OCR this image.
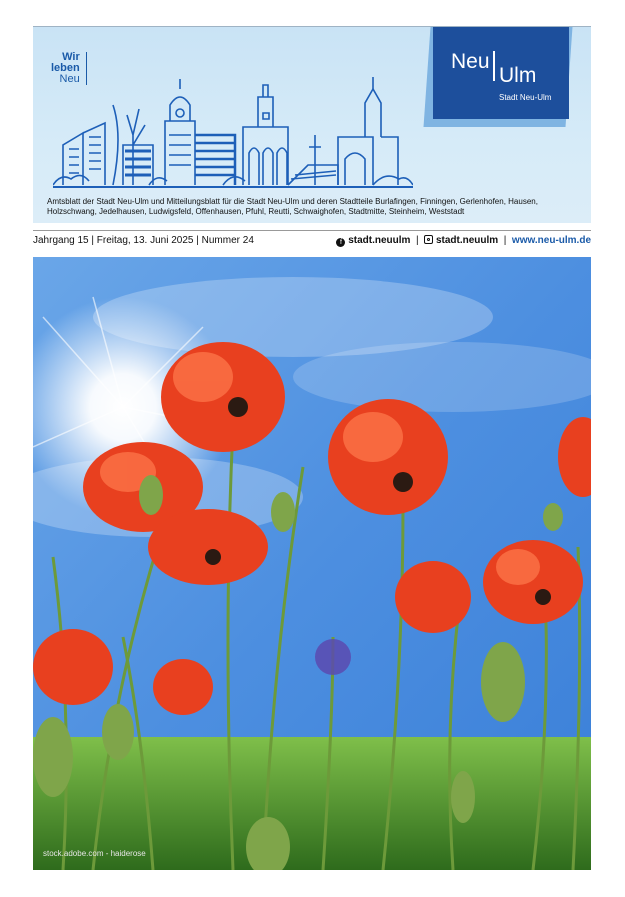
Wir
leben
Neu
Neu
Ulm
Stadt Neu-Ulm
Amtsblatt der Stadt Neu-Ulm und Mitteilungsblatt für die Stadt Neu-Ulm und deren Stadtteile Burlafingen, Finningen, Gerlenhofen, Hausen, Holzschwang, Jedelhausen, Ludwigsfeld, Offenhausen, Pfuhl, Reutti, Schwaighofen, Stadtmitte, Steinheim, Weststadt
Jahrgang 15 | Freitag, 13. Juni 2025 | Nummer 24	f stadt.neuulm | stadt.neuulm | www.neu-ulm.de
stock.adobe.com - haiderose
